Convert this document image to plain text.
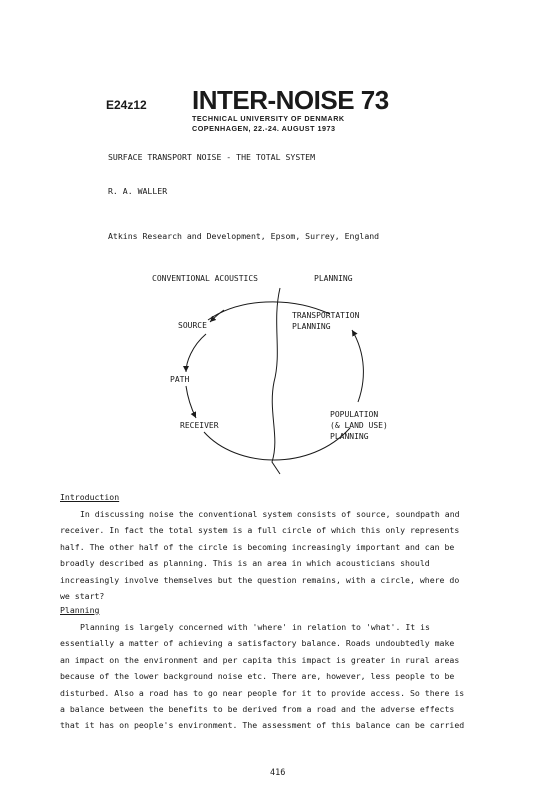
E24z12 INTER-NOISE 73
TECHNICAL UNIVERSITY OF DENMARK
COPENHAGEN, 22.-24. AUGUST 1973
SURFACE TRANSPORT NOISE - THE TOTAL SYSTEM
R. A. WALLER
Atkins Research and Development, Epsom, Surrey, England
CONVENTIONAL ACOUSTICS	PLANNING
SOURCE
PATH
RECEIVER
TRANSPORTATION
PLANNING
POPULATION
(& LAND USE)
PLANNING
Introduction
In discussing noise the conventional system consists of source, soundpath and
receiver. In fact the total system is a full circle of which this only represents
half. The other half of the circle is becoming increasingly important and can be
broadly described as planning. This is an area in which acousticians should
increasingly involve themselves but the question remains, with a circle, where do
we start?
Planning
Planning is largely concerned with 'where' in relation to 'what'. It is
essentially a matter of achieving a satisfactory balance. Roads undoubtedly make
an impact on the environment and per capita this impact is greater in rural areas
because of the lower background noise etc. There are, however, less people to be
disturbed. Also a road has to go near people for it to provide access. So there is
a balance between the benefits to be derived from a road and the adverse effects
that it has on people's environment. The assessment of this balance can be carried
416
